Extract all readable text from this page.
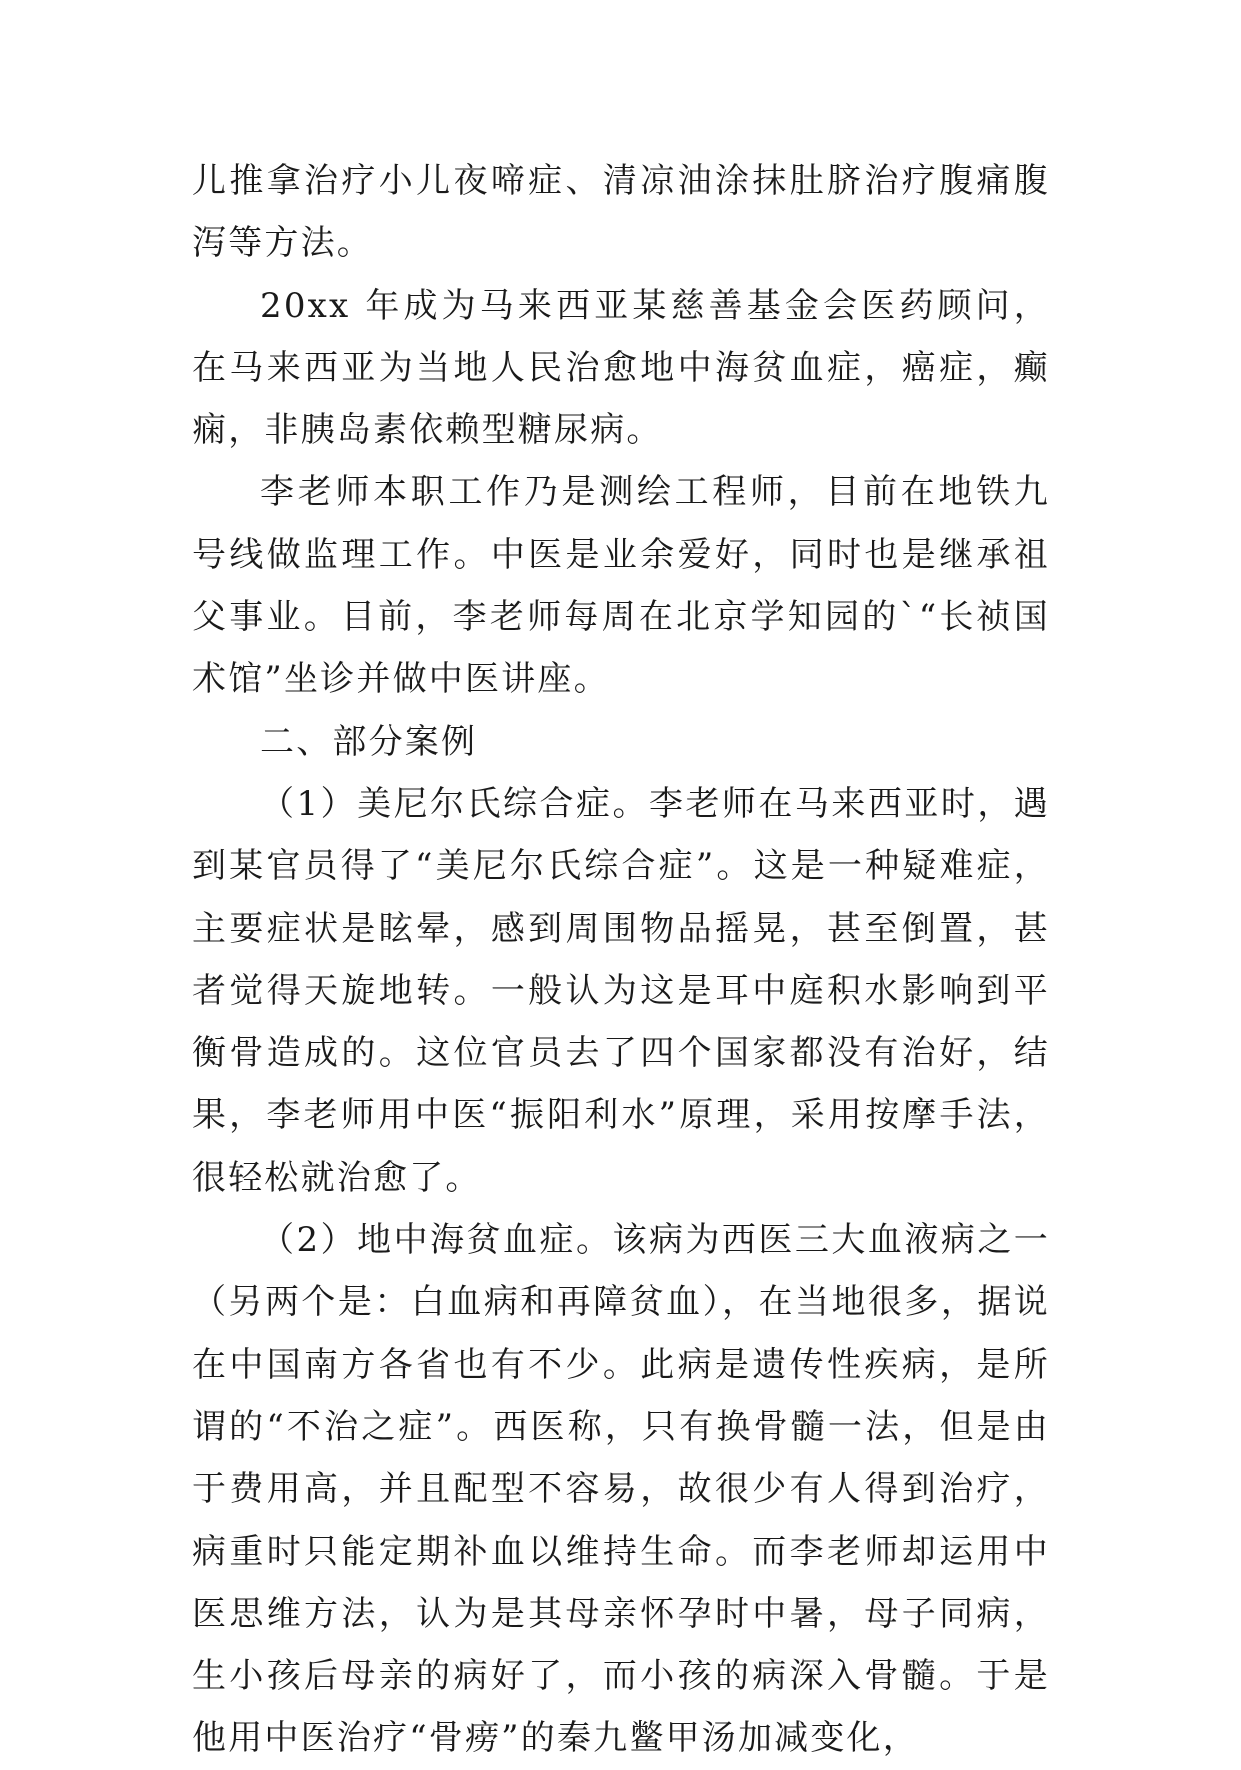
儿推拿治疗小儿夜啼症、清凉油涂抹肚脐治疗腹痛腹泻等方法。

20xx 年成为马来西亚某慈善基金会医药顾问，在马来西亚为当地人民治愈地中海贫血症，癌症，癫痫，非胰岛素依赖型糖尿病。

李老师本职工作乃是测绘工程师，目前在地铁九号线做监理工作。中医是业余爱好，同时也是继承祖父事业。目前，李老师每周在北京学知园的`“长祯国术馆”坐诊并做中医讲座。

二、部分案例

（1）美尼尔氏综合症。李老师在马来西亚时，遇到某官员得了“美尼尔氏综合症”。这是一种疑难症，主要症状是眩晕，感到周围物品摇晃，甚至倒置，甚者觉得天旋地转。一般认为这是耳中庭积水影响到平衡骨造成的。这位官员去了四个国家都没有治好，结果，李老师用中医“振阳利水”原理，采用按摩手法，很轻松就治愈了。

（2）地中海贫血症。该病为西医三大血液病之一（另两个是：白血病和再障贫血），在当地很多，据说在中国南方各省也有不少。此病是遗传性疾病，是所谓的“不治之症”。西医称，只有换骨髓一法，但是由于费用高，并且配型不容易，故很少有人得到治疗，病重时只能定期补血以维持生命。而李老师却运用中医思维方法，认为是其母亲怀孕时中暑，母子同病，生小孩后母亲的病好了，而小孩的病深入骨髓。于是他用中医治疗“骨痨”的秦九鳖甲汤加减变化，
